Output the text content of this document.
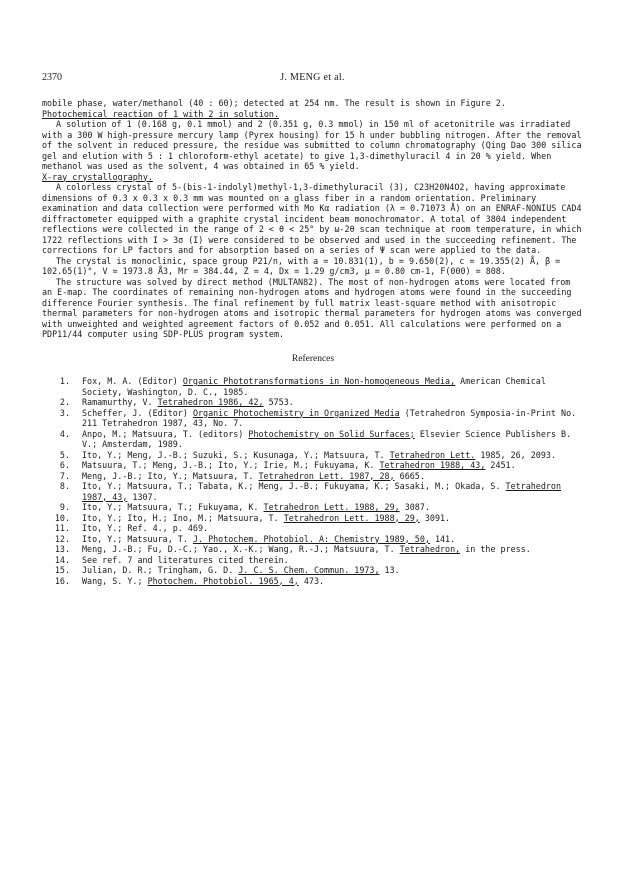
2370	J. MENG et al.

mobile phase, water/methanol (40 : 60); detected at 254 nm. The result is shown in Figure 2.

Photochemical reaction of 1 with 2 in solution.

A solution of 1 (0.168 g, 0.1 mmol) and 2 (0.351 g, 0.3 mmol) in 150 ml of acetonitrile was irradiated with a 300 W high-pressure mercury lamp (Pyrex housing) for 15 h under bubbling nitrogen. After the removal of the solvent in reduced pressure, the residue was submitted to column chromatography (Qing Dao 300 silica gel and elution with 5 : 1 chloroform-ethyl acetate) to give 1,3-dimethyluracil 4 in 20 % yield. When methanol was used as the solvent, 4 was obtained in 65 % yield.

X-ray crystallography.

A colorless crystal of 5-(bis-1-indolyl)methyl-1,3-dimethyluracil (3), C23H20N4O2, having approximate dimensions of 0.3 x 0.3 x 0.3 mm was mounted on a glass fiber in a random orientation. Preliminary examination and data collection were performed with Mo Kα radiation (λ = 0.71073 Å) on an ENRAF-NONIUS CAD4 diffractometer equipped with a graphite crystal incident beam monochromator. A total of 3804 independent reflections were collected in the range of 2 < θ < 25° by ω-2θ scan technique at room temperature, in which 1722 reflections with I > 3σ (I) were considered to be observed and used in the succeeding refinement. The corrections for LP factors and for absorption based on a series of Ψ scan were applied to the data.

The crystal is monoclinic, space group P21/n, with a = 10.831(1), b = 9.650(2), c = 19.355(2) Å, β = 102.65(1)°, V = 1973.8 Å3, Mr = 384.44, Z = 4, Dx = 1.29 g/cm3, μ = 0.80 cm-1, F(000) = 808.

The structure was solved by direct method (MULTAN82). The most of non-hydrogen atoms were located from an E-map. The coordinates of remaining non-hydrogen atoms and hydrogen atoms were found in the succeeding difference Fourier synthesis. The final refinement by full matrix least-square method with anisotropic thermal parameters for non-hydrogen atoms and isotropic thermal parameters for hydrogen atoms was converged with unweighted and weighted agreement factors of 0.052 and 0.051. All calculations were performed on a PDP11/44 computer using SDP-PLUS program system.

References
1. Fox, M. A. (Editor) Organic Phototransformations in Non-homogeneous Media, American Chemical Society, Washington, D. C., 1985.
2. Ramamurthy, V. Tetrahedron 1986, 42, 5753.
3. Scheffer, J. (Editor) Organic Photochemistry in Organized Media (Tetrahedron Symposia-in-Print No. 211 Tetrahedron 1987, 43, No. 7.
4. Anpo, M.; Matsuura, T. (editors) Photochemistry on Solid Surfaces; Elsevier Science Publishers B. V.; Amsterdam, 1989.
5. Ito, Y.; Meng, J.-B.; Suzuki, S.; Kusunaga, Y.; Matsuura, T. Tetrahedron Lett. 1985, 26, 2093.
6. Matsuura, T.; Meng, J.-B.; Ito, Y.; Irie, M.; Fukuyama, K. Tetrahedron 1988, 43, 2451.
7. Meng, J.-B.; Ito, Y.; Matsuura, T. Tetrahedron Lett. 1987, 28, 6665.
8. Ito, Y.; Matsuura, T.; Tabata, K.; Meng, J.-B.; Fukuyama, K.; Sasaki, M.; Okada, S. Tetrahedron 1987, 43, 1307.
9. Ito, Y.; Matsuura, T.; Fukuyama, K. Tetrahedron Lett. 1988, 29, 3087.
10. Ito, Y.; Ito, H.; Ino, M.; Matsuura, T. Tetrahedron Lett. 1988, 29, 3091.
11. Ito, Y.; Ref. 4., p. 469.
12. Ito, Y.; Matsuura, T. J. Photochem. Photobiol. A: Chemistry 1989, 50, 141.
13. Meng, J.-B.; Fu, D.-C.; Yao., X.-K.; Wang, R.-J.; Matsuura, T. Tetrahedron, in the press.
14. See ref. 7 and literatures cited therein.
15. Julian, D. R.; Tringham, G. D. J. C. S. Chem. Commun. 1973, 13.
16. Wang, S. Y.; Photochem. Photobiol. 1965, 4, 473.
